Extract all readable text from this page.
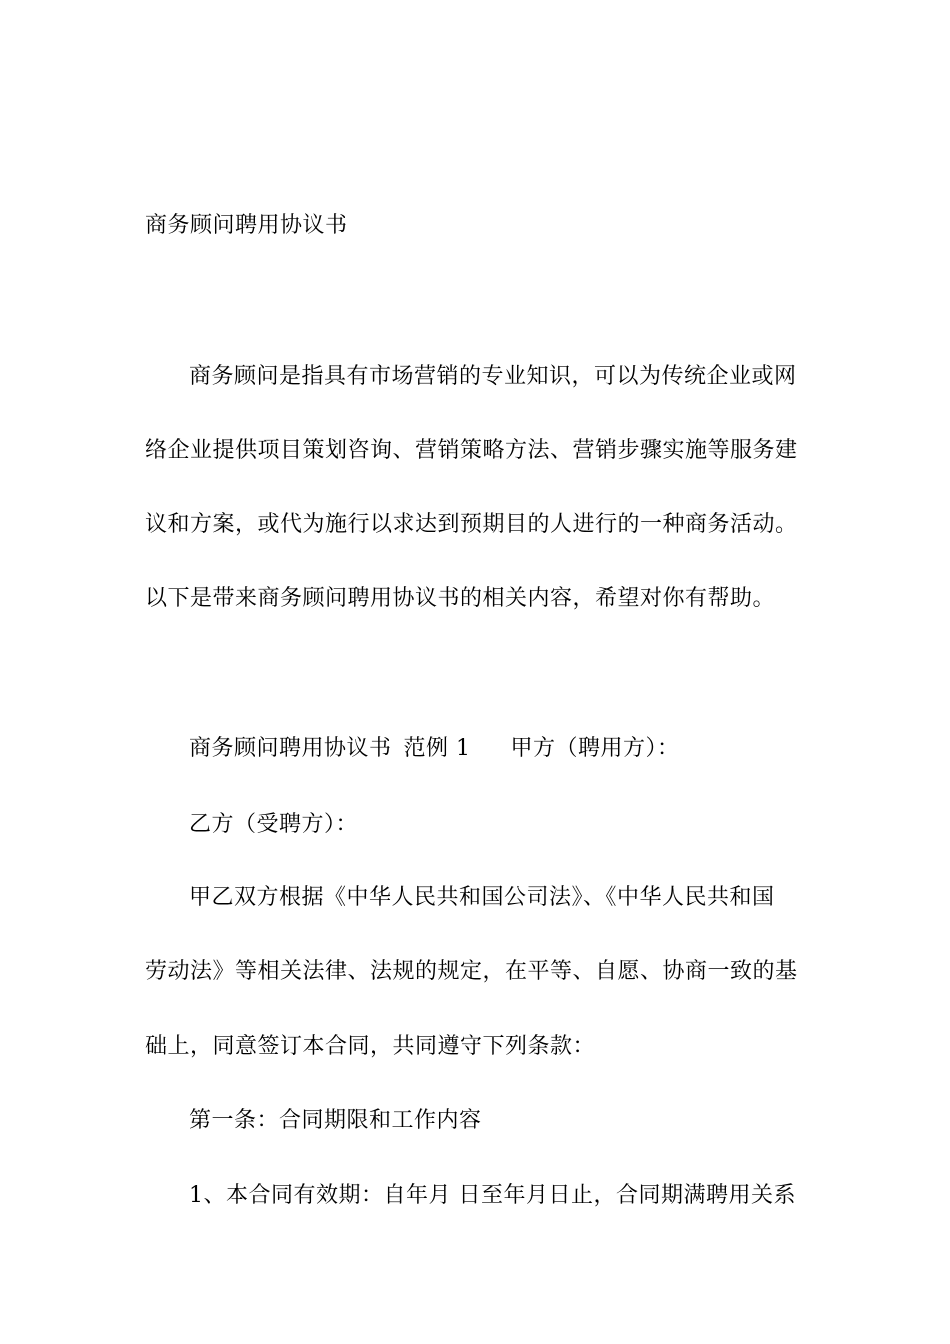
商务顾问聘用协议书
商务顾问是指具有市场营销的专业知识，可以为传统企业或网
络企业提供项目策划咨询、营销策略方法、营销步骤实施等服务建
议和方案，或代为施行以求达到预期目的人进行的一种商务活动。
以下是带来商务顾问聘用协议书的相关内容，希望对你有帮助。
商务顾问聘用协议书 范例 1 甲方（聘用方）：
乙方（受聘方）：
甲乙双方根据《中华人民共和国公司法》、《中华人民共和国
劳动法》等相关法律、法规的规定，在平等、自愿、协商一致的基
础上，同意签订本合同，共同遵守下列条款：
第一条：合同期限和工作内容
1、本合同有效期：自年月 日至年月日止，合同期满聘用关系
